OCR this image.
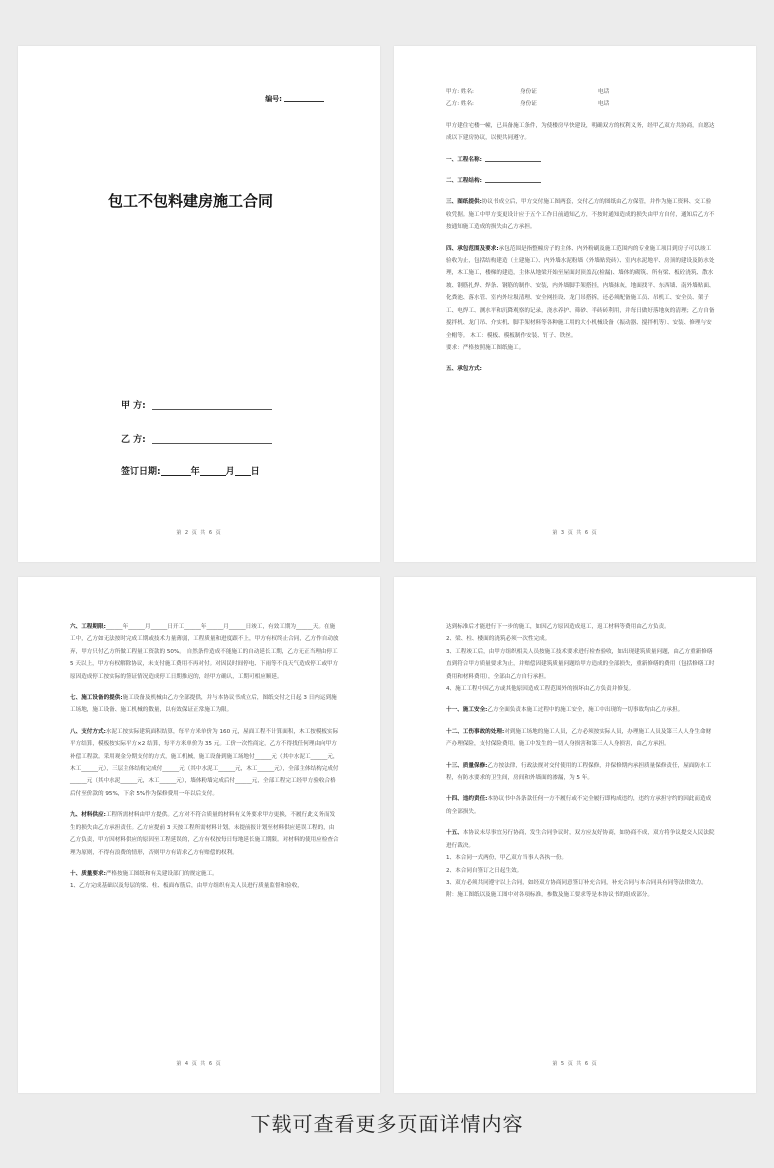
编号:
包工不包料建房施工合同
甲 方:
乙 方:
签订日期:	年	月 日
第 2 页 共 6 页

甲方: 姓名:	身份证	电话

乙方: 姓名:	身份证	电话

甲方建住宅楼一幢，已具备施工条件，为使楼房早快建设，明确双方的权利义务，经甲乙双方共协商，自愿达成以下建房协议，以便共同遵守。

一、工程名称:

二、工程结构:

三、图纸提供:协议书成立后，甲方交付施工图两套，交付乙方的图纸由乙方保管，并作为施工资料、交工验收凭据。施工中甲方变更设计应于五个工作日前通知乙方，不按时通知造成的损失由甲方自付，通知后乙方不按通知施工造成的损失由乙方承担。

四、承包范围及要求:承包范围是指整幢房子的主体、内外粉刷及施工范围内的专业施工项目到房子可以竣工验收为止，包括结构建造（土建施工）、内外墙水泥粉墙（外墙贴瓷砖）、室内水泥地平、房顶的建设及防水处理，木工施工，楼梯的建造，主体从地梁开始至屋面封顶盖瓦(检漏)、墙体的砌筑、所有梁、板砼浇筑、散水坡、钢筋扎焊、焊条、钢筋的制作、安装，内外墙脚手架搭挂，内墙抹灰，地面找平、东西墙、南外墙贴面、化粪池、落水管、室内外垃圾清理、安全网挂设、龙门吊搭拆，还必须配备施工员、吊机工、安全员、架子工、电焊工、测水平和沉降观察的记录，浇水养护、筛砂、半砖砖利用，并每日做好落地灰的清理；乙方自备搅拌机、龙门吊、介实机、脚手架材料等各种施工用的大小机械设备（振动器、搅拌机等）、安装、修理与安全帽等。 木工：模板、模板制作安装、钉子、铁丝。

要求：严格按照施工图纸施工。

五、承包方式:

第 3 页 共 6 页

六、工程期限:______年______月______日开工______年______月______日竣工，有效工期为______天。在施工中，乙方如无法按时完成工期或技术力量薄弱，工程质量和进度跟不上，甲方有权终止合同，乙方作自动放弃，甲方只付乙方所做工程量工资款的 50%。 自然条件造成不能施工的自动延长工期，乙方无正当理由停工 5 天以上，甲方有权解除协议，未支付施工费用不再对付。对因民时间停电、下雨等不良天气造成停工或甲方原因造成停工按实际的签证情况造成停工日期推迟的，经甲方确认，工期可相应顺延。

七、施工设备的提供:施工设备及机械由乙方全部提供，并与本协议书成立后，图纸交付之日起 3 日内运到施工场地，施工设备、施工机械的数量，以有效保证正常施工为限。

八、支付方式:水泥工按实际建筑面积结算，每平方米单价为 160 元，屋面工程不计算面积，木工按模板实际平方结算，模板按实际平方×2 结算，每平方米单价为 35 元。工价一次性商定，乙方不得找任何理由向甲方补偿工程款。采用观金分期支付的方式，施工机械，施工设备到施工场地付______元（其中水泥工______元，木工______元），三层主体结构完成付______元（其中水泥工______元，木工______元），全部主体结构完成付______元（其中水泥______元，木工______元），墙体粉墙完成后付______元，全部工程完工经甲方验收合格后付至价款的 95%，下余 5%作为保修费用一年以后支付。

九、材料供应:工程所需材料由甲方提供。乙方对不符合质量的材料有义务要求甲方更换，不履行此义务而发生的损失由乙方承担责任。乙方应提前 3 天按工程所需材料计划，未提前报计划至材料供应延误工程的，由乙方负责，甲方因材料供应的原因至工程延误的，乙方有权按每日每地延长施工期限。对材料的使用应检查合理为原则，不得有浪费的情形，否则甲方有请求乙方有赔偿的权利。

十、质量要求:严格按施工图纸和有关建设部门的规定施工。

1、乙方完成基础以及每层的梁、柱、板面布筋后，由甲方组织有关人员进行质量监督和验收，

第 4 页 共 6 页

达到标准后才能进行下一步的施工，如因乙方原因造成返工，返工材料等费用由乙方负责。

2、梁、柱、楼面的浇筑必须一次性完成。

3、工程竣工后，由甲方组织相关人员按施工技术要求进行检查验收，如出现建筑质量问题，由乙方重新修缮直到符合甲方质量要求为止，并赔偿因建筑质量问题给甲方造成的全部损失，重新修缮的费用（包括修缮工时费用和材料费用），全部由乙方自行承担。

4、施工工程中因乙方或其他原因造成工程范围外的损坏由乙方负责并修复。

十一、施工安全:乙方全面负责本施工过程中的施工安全，施工中出现的一切事故均由乙方承担。

十二、工伤事故的处理:对到施工场地的施工人员，乙方必须按实际人员，办理施工人员及第三人人身生命财产办理保险，支付保险费用。施工中发生的一切人身损害和第三人人身损害，由乙方承担。

十三、质量保修:乙方按法律，行政法规对交付使用的工程保修，并保修期内承担质量保修责任，屋面防水工程，有防水要求的卫生间，房间和外墙面的渗漏，为 5 年。

十四、违约责任:本协议书中各条款任何一方不履行或不完全履行即构成违约，违约方承担守约的因此而造成的全部损失。

十五、本协议未尽事宜另行协商，发生合同争议时，双方应友好协商，如协商不成，双方将争议提交人民法院进行裁决。

1、本合同一式两份，甲乙双方当事人各执一份。

2、本合同自签订之日起生效。

3、双方必须共同遵守以上合同，如经双方协商同意签订补充合同，补充合同与本合同具有同等法律效力。

附：施工图纸以及施工图中对各项标准，参数及施工要求等是本协议书的组成部分。

第 5 页 共 6 页
下载可查看更多页面详情内容
